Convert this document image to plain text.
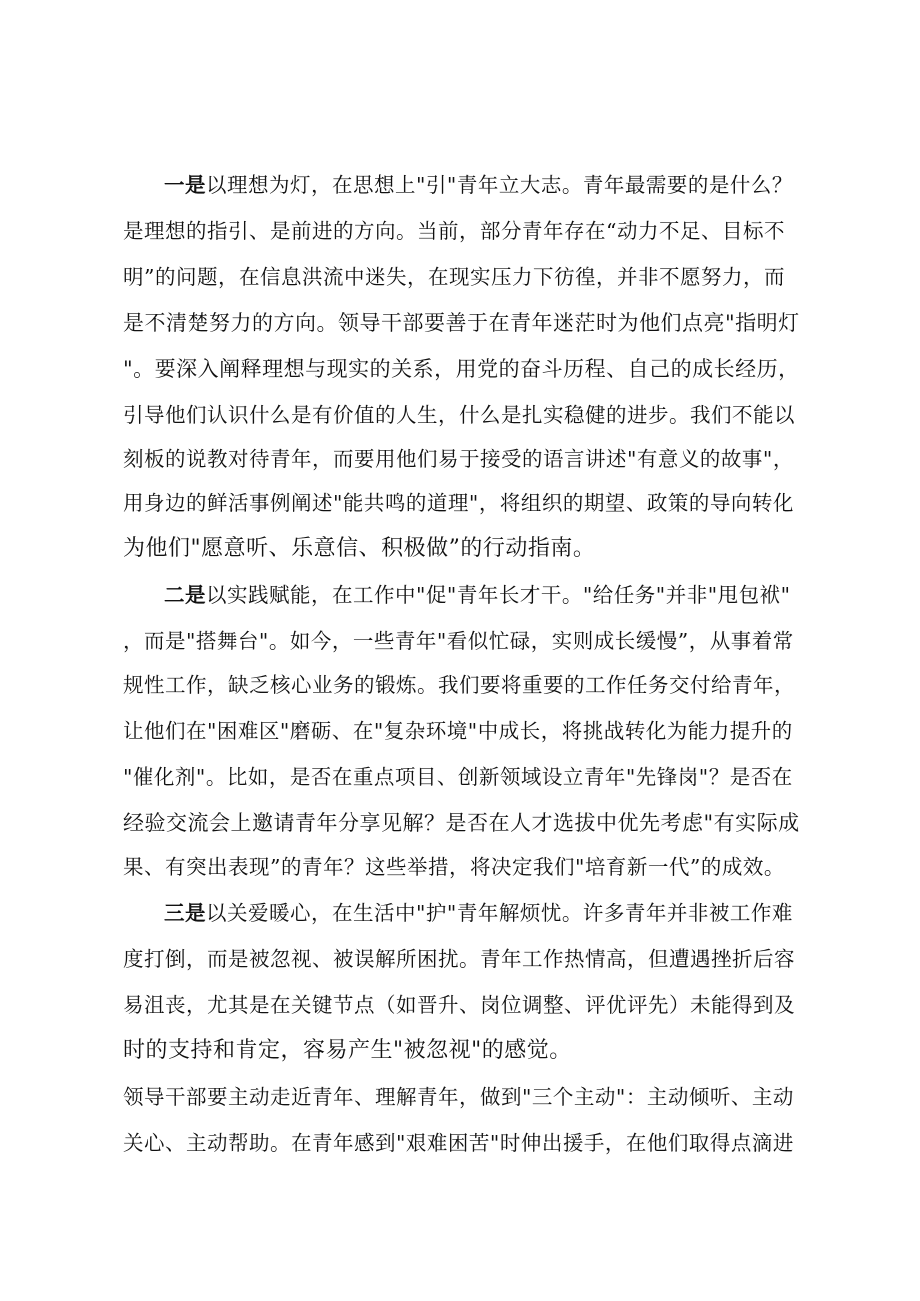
一是以理想为灯，在思想上"引"青年立大志。青年最需要的是什么？
是理想的指引、是前进的方向。当前，部分青年存在“动力不足、目标不
明”的问题，在信息洪流中迷失，在现实压力下彷徨，并非不愿努力，而
是不清楚努力的方向。领导干部要善于在青年迷茫时为他们点亮"指明灯
"。要深入阐释理想与现实的关系，用党的奋斗历程、自己的成长经历，
引导他们认识什么是有价值的人生，什么是扎实稳健的进步。我们不能以
刻板的说教对待青年，而要用他们易于接受的语言讲述"有意义的故事"，
用身边的鲜活事例阐述"能共鸣的道理"，将组织的期望、政策的导向转化
为他们"愿意听、乐意信、积极做”的行动指南。
二是以实践赋能，在工作中"促"青年长才干。"给任务"并非"甩包袱"
，而是"搭舞台"。如今，一些青年"看似忙碌，实则成长缓慢”，从事着常
规性工作，缺乏核心业务的锻炼。我们要将重要的工作任务交付给青年，
让他们在"困难区"磨砺、在"复杂环境"中成长，将挑战转化为能力提升的
"催化剂"。比如，是否在重点项目、创新领域设立青年"先锋岗"？是否在
经验交流会上邀请青年分享见解？是否在人才选拔中优先考虑"有实际成
果、有突出表现”的青年？这些举措，将决定我们"培育新一代”的成效。
三是以关爱暖心，在生活中"护"青年解烦忧。许多青年并非被工作难
度打倒，而是被忽视、被误解所困扰。青年工作热情高，但遭遇挫折后容
易沮丧，尤其是在关键节点（如晋升、岗位调整、评优评先）未能得到及
时的支持和肯定，容易产生"被忽视"的感觉。
领导干部要主动走近青年、理解青年，做到"三个主动"：主动倾听、主动
关心、主动帮助。在青年感到"艰难困苦"时伸出援手，在他们取得点滴进
